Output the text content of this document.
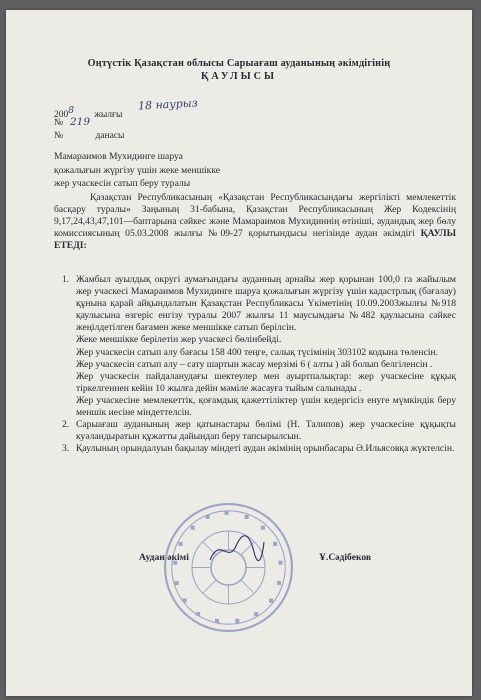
Оңтүстік Қазақстан облысы Сарыағаш ауданының әкімдігінің
ҚАУЛЫСЫ
$200^8$ жылғы
18 наурыз
№ 219
№	данасы
Мамараимов Мухидинге шаруа
қожалығын жүргізу үшін жеке меншікке
жер учаскесін сатып беру туралы
Қазақстан Республикасының «Қазақстан Республикасындағы жергілікті мемлекеттік басқару туралы» Заңының 31-бабына, Қазақстан Республикасының Жер Кодексінің 9,17,24,43,47,101—баптарына сәйкес және Мамараимов Мухидиннің өтініші, аудандық жер бөлу комиссиясының 05.03.2008 жылғы №09-27 қорытындысы негізінде аудан әкімдігі ҚАУЛЫ ЕТЕДІ:
1. Жамбыл ауылдық округі аумағындағы ауданның арнайы жер қорынан 100,0 га жайылым жер учаскесі Мамараимов Мухидинге шаруа қожалығын жүргізу үшін кадастрлық (бағалау) құнына қарай айқындалатын Қазақстан Республикасы Үкіметінің 10.09.2003жылғы №918 қаулысына өзгеріс енгізу туралы 2007 жылғы 11 маусымдағы №482 қаулысына сәйкес жеңілдетілген бағамен жеке меншікке сатып берілсін.

Жеке меншікке берілетін жер учаскесі бөлінбейді.

Жер учаскесін сатып алу бағасы 158 400 теңге, салық түсімінің 303102 кодына төленсін.

Жер учаскесін сатып алу – сату шартын жасау мерзімі 6 ( алты ) ай болып белгіленсін .

Жер учаскесін пайдаланудағы шектеулер мен ауыртпалықтар: жер учаскесіне құқық тіркелгеннен кейін 10 жылға дейін мәміле жасауға тыйым салынады .

Жер учаскесіне мемлекеттік, қоғамдық қажеттіліктер үшін кедергісіз енуге мүмкіндік беру меншік иесіне міндеттелсін.

2. Сарыағаш ауданының жер қатынастары бөлімі (Н. Талипов) жер учаскесіне құқықты куәландыратын құжатты дайындап беру тапсырылсын.

3. Қаулының орындалуын бақылау міндеті аудан әкімінің орынбасары Ә.Ильясовқа жүктелсін.

Аудан әкімі	Ұ.Сәдібеков
